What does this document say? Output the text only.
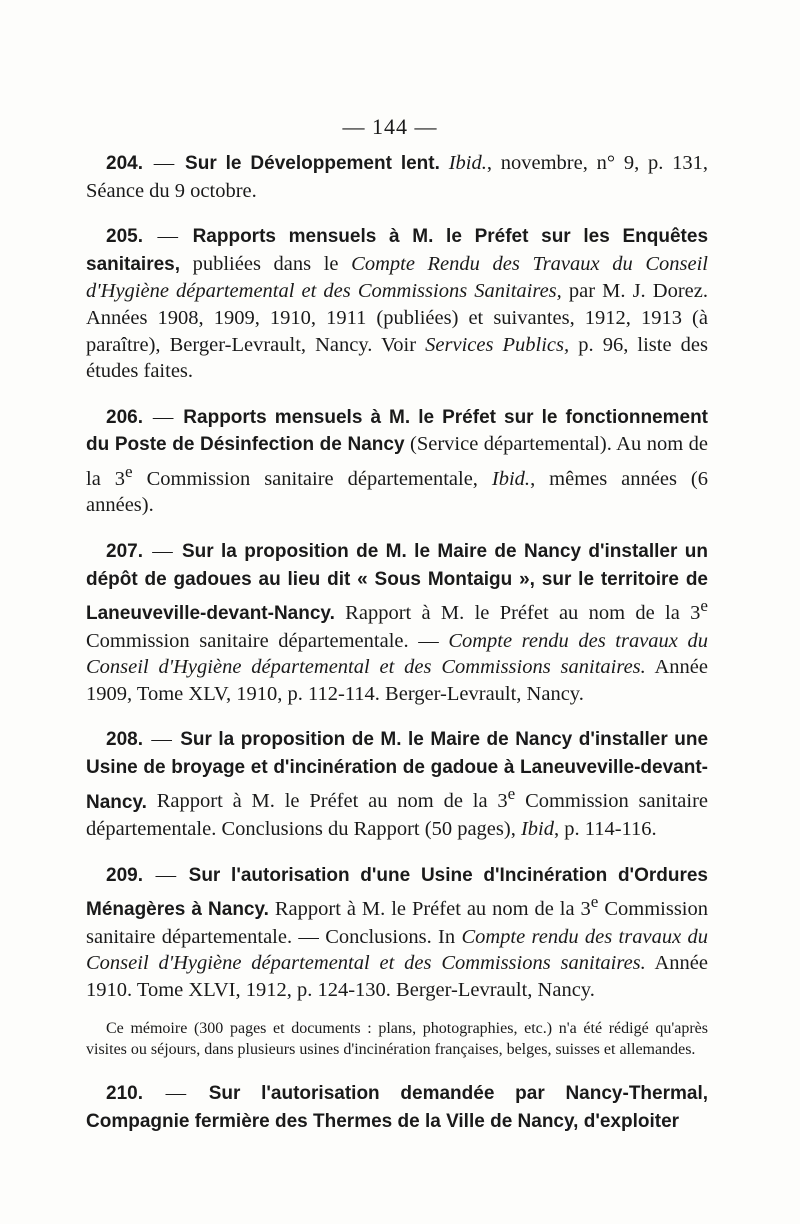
— 144 —

204. — Sur le Développement lent. Ibid., novembre, n° 9, p. 131, Séance du 9 octobre.

205. — Rapports mensuels à M. le Préfet sur les Enquêtes sanitaires, publiées dans le Compte Rendu des Travaux du Conseil d'Hygiène départemental et des Commissions Sanitaires, par M. J. Dorez. Années 1908, 1909, 1910, 1911 (publiées) et suivantes, 1912, 1913 (à paraître), Berger-Levrault, Nancy. Voir Services Publics, p. 96, liste des études faites.

206. — Rapports mensuels à M. le Préfet sur le fonctionnement du Poste de Désinfection de Nancy (Service départemental). Au nom de la 3e Commission sanitaire départementale, Ibid., mêmes années (6 années).

207. — Sur la proposition de M. le Maire de Nancy d'installer un dépôt de gadoues au lieu dit « Sous Montaigu », sur le territoire de Laneuveville-devant-Nancy. Rapport à M. le Préfet au nom de la 3e Commission sanitaire départementale. — Compte rendu des travaux du Conseil d'Hygiène départemental et des Commissions sanitaires. Année 1909, Tome XLV, 1910, p. 112-114. Berger-Levrault, Nancy.

208. — Sur la proposition de M. le Maire de Nancy d'installer une Usine de broyage et d'incinération de gadoue à Laneuveville-devant-Nancy. Rapport à M. le Préfet au nom de la 3e Commission sanitaire départementale. Conclusions du Rapport (50 pages), Ibid, p. 114-116.

209. — Sur l'autorisation d'une Usine d'Incinération d'Ordures Ménagères à Nancy. Rapport à M. le Préfet au nom de la 3e Commission sanitaire départementale. — Conclusions. In Compte rendu des travaux du Conseil d'Hygiène départemental et des Commissions sanitaires. Année 1910. Tome XLVI, 1912, p. 124-130. Berger-Levrault, Nancy.

Ce mémoire (300 pages et documents : plans, photographies, etc.) n'a été rédigé qu'après visites ou séjours, dans plusieurs usines d'incinération françaises, belges, suisses et allemandes.

210. — Sur l'autorisation demandée par Nancy-Thermal, Compagnie fermière des Thermes de la Ville de Nancy, d'exploiter
